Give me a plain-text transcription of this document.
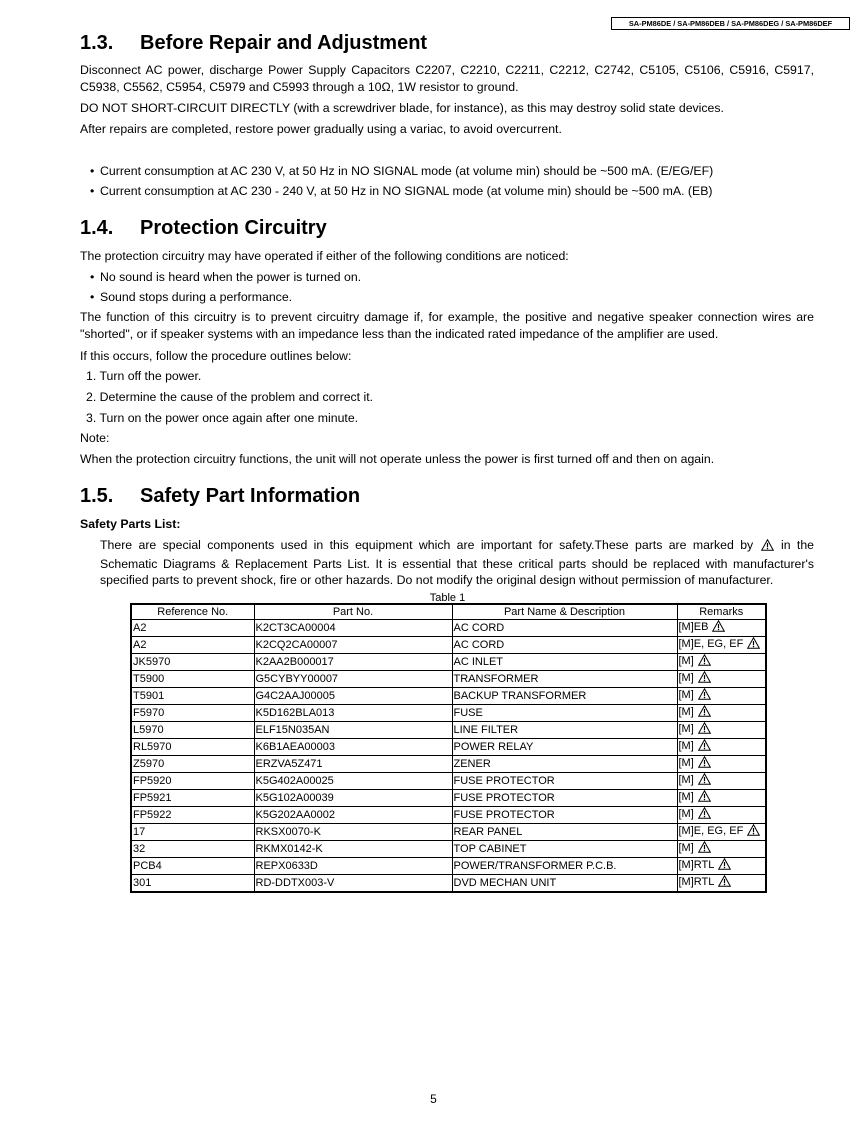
SA-PM86DE / SA-PM86DEB / SA-PM86DEG / SA-PM86DEF
1.3. Before Repair and Adjustment

Disconnect AC power, discharge Power Supply Capacitors C2207, C2210, C2211, C2212, C2742, C5105, C5106, C5916, C5917, C5938, C5562, C5954, C5979 and C5993 through a 10Ω, 1W resistor to ground.

DO NOT SHORT-CIRCUIT DIRECTLY (with a screwdriver blade, for instance), as this may destroy solid state devices.

After repairs are completed, restore power gradually using a variac, to avoid overcurrent.

• Current consumption at AC 230 V, at 50 Hz in NO SIGNAL mode (at volume min) should be ~500 mA. (E/EG/EF)

• Current consumption at AC 230 - 240 V, at 50 Hz in NO SIGNAL mode (at volume min) should be ~500 mA. (EB)

1.4. Protection Circuitry

The protection circuitry may have operated if either of the following conditions are noticed:

• No sound is heard when the power is turned on.

• Sound stops during a performance.

The function of this circuitry is to prevent circuitry damage if, for example, the positive and negative speaker connection wires are "shorted", or if speaker systems with an impedance less than the indicated rated impedance of the amplifier are used.

If this occurs, follow the procedure outlines below:

1. Turn off the power.

2. Determine the cause of the problem and correct it.

3. Turn on the power once again after one minute.

Note:

When the protection circuitry functions, the unit will not operate unless the power is first turned off and then on again.

1.5. Safety Part Information

Safety Parts List:

There are special components used in this equipment which are important for safety.These parts are marked by in the Schematic Diagrams & Replacement Parts List. It is essential that these critical parts should be replaced with manufacturer's specified parts to prevent shock, fire or other hazards. Do not modify the original design without permission of manufacturer.

Table 1

Reference No.	Part No.	Part Name & Description	Remarks
A2	K2CT3CA00004	AC CORD	[M]EB
A2	K2CQ2CA00007	AC CORD	[M]E, EG, EF
JK5970	K2AA2B000017	AC INLET	[M]
T5900	G5CYBYY00007	TRANSFORMER	[M]
T5901	G4C2AAJ00005	BACKUP TRANSFORMER	[M]
F5970	K5D162BLA013	FUSE	[M]
L5970	ELF15N035AN	LINE FILTER	[M]
RL5970	K6B1AEA00003	POWER RELAY	[M]
Z5970	ERZVA5Z471	ZENER	[M]
FP5920	K5G402A00025	FUSE PROTECTOR	[M]
FP5921	K5G102A00039	FUSE PROTECTOR	[M]
FP5922	K5G202AA0002	FUSE PROTECTOR	[M]
17	RKSX0070-K	REAR PANEL	[M]E, EG, EF
32	RKMX0142-K	TOP CABINET	[M]
PCB4	REPX0633D	POWER/TRANSFORMER P.C.B.	[M]RTL
301	RD-DDTX003-V	DVD MECHAN UNIT	[M]RTL

5
